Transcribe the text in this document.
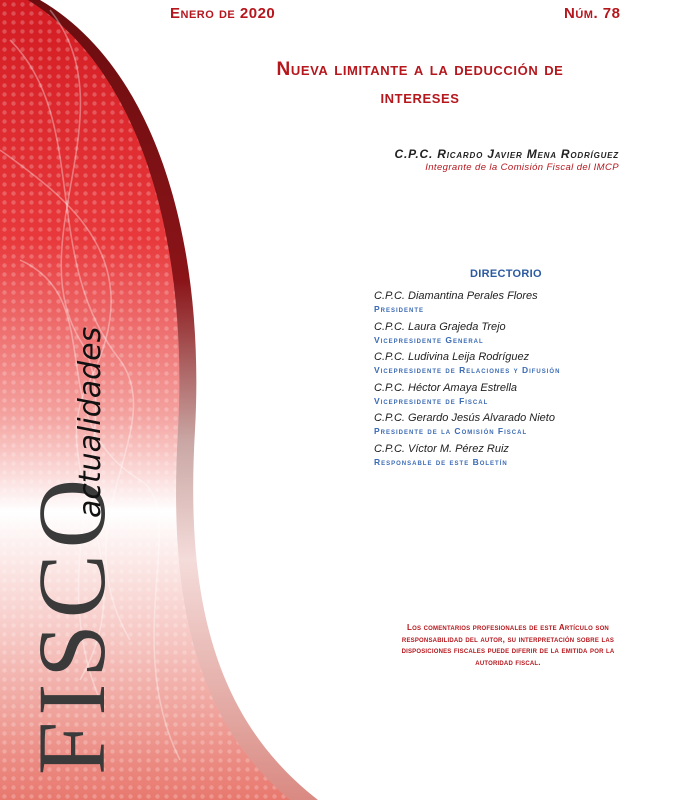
FISCO
actualidades
Enero de 2020	Núm. 78
Nueva limitante a la deducción de
intereses
C.P.C. Ricardo Javier Mena Rodríguez
Integrante de la Comisión Fiscal del IMCP
DIRECTORIO
C.P.C. Diamantina Perales Flores
Presidente
C.P.C. Laura Grajeda Trejo
Vicepresidente General
C.P.C. Ludivina Leija Rodríguez
Vicepresidente de Relaciones y Difusión
C.P.C. Héctor Amaya Estrella
Vicepresidente de Fiscal
C.P.C. Gerardo Jesús Alvarado Nieto
Presidente de la Comisión Fiscal
C.P.C. Víctor M. Pérez Ruiz
Responsable de este Boletín
Los comentarios profesionales de este Artículo son responsabilidad del autor, su interpretación sobre las disposiciones fiscales puede diferir de la emitida por la autoridad fiscal.
